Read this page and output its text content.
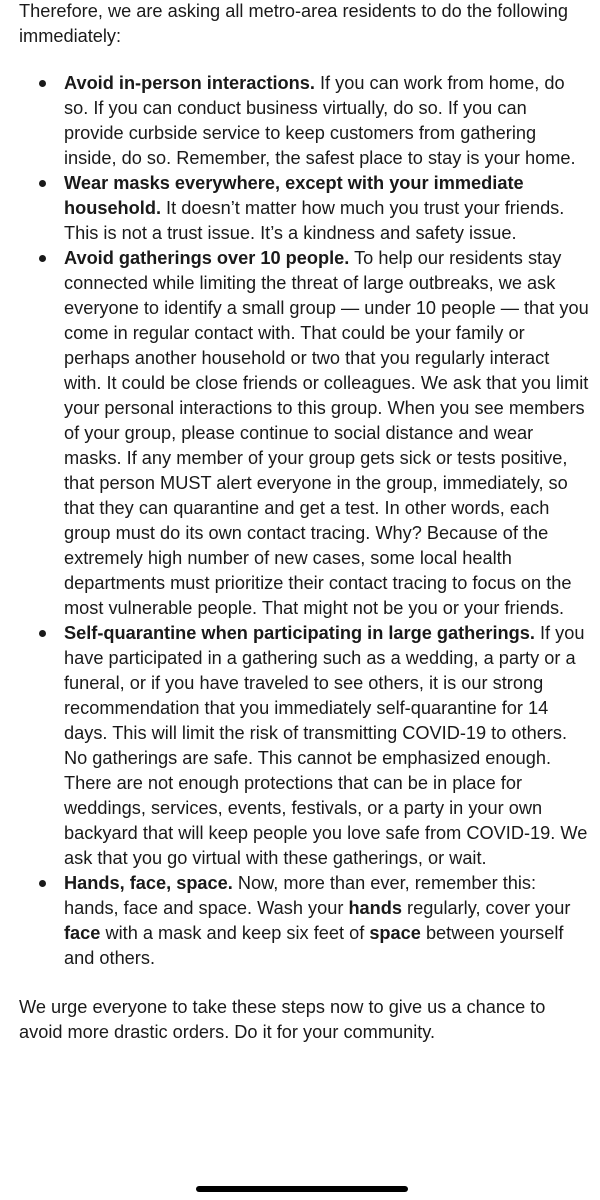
Therefore, we are asking all metro-area residents to do the following immediately:

Avoid in-person interactions. If you can work from home, do so. If you can conduct business virtually, do so. If you can provide curbside service to keep customers from gathering inside, do so. Remember, the safest place to stay is your home.
Wear masks everywhere, except with your immediate household. It doesn’t matter how much you trust your friends. This is not a trust issue. It’s a kindness and safety issue.
Avoid gatherings over 10 people. To help our residents stay connected while limiting the threat of large outbreaks, we ask everyone to identify a small group — under 10 people — that you come in regular contact with. That could be your family or perhaps another household or two that you regularly interact with. It could be close friends or colleagues. We ask that you limit your personal interactions to this group. When you see members of your group, please continue to social distance and wear masks. If any member of your group gets sick or tests positive, that person MUST alert everyone in the group, immediately, so that they can quarantine and get a test. In other words, each group must do its own contact tracing. Why? Because of the extremely high number of new cases, some local health departments must prioritize their contact tracing to focus on the most vulnerable people. That might not be you or your friends.
Self-quarantine when participating in large gatherings. If you have participated in a gathering such as a wedding, a party or a funeral, or if you have traveled to see others, it is our strong recommendation that you immediately self-quarantine for 14 days. This will limit the risk of transmitting COVID-19 to others. No gatherings are safe. This cannot be emphasized enough. There are not enough protections that can be in place for weddings, services, events, festivals, or a party in your own backyard that will keep people you love safe from COVID-19. We ask that you go virtual with these gatherings, or wait.
Hands, face, space. Now, more than ever, remember this: hands, face and space. Wash your hands regularly, cover your face with a mask and keep six feet of space between yourself and others.

We urge everyone to take these steps now to give us a chance to avoid more drastic orders. Do it for your community.
